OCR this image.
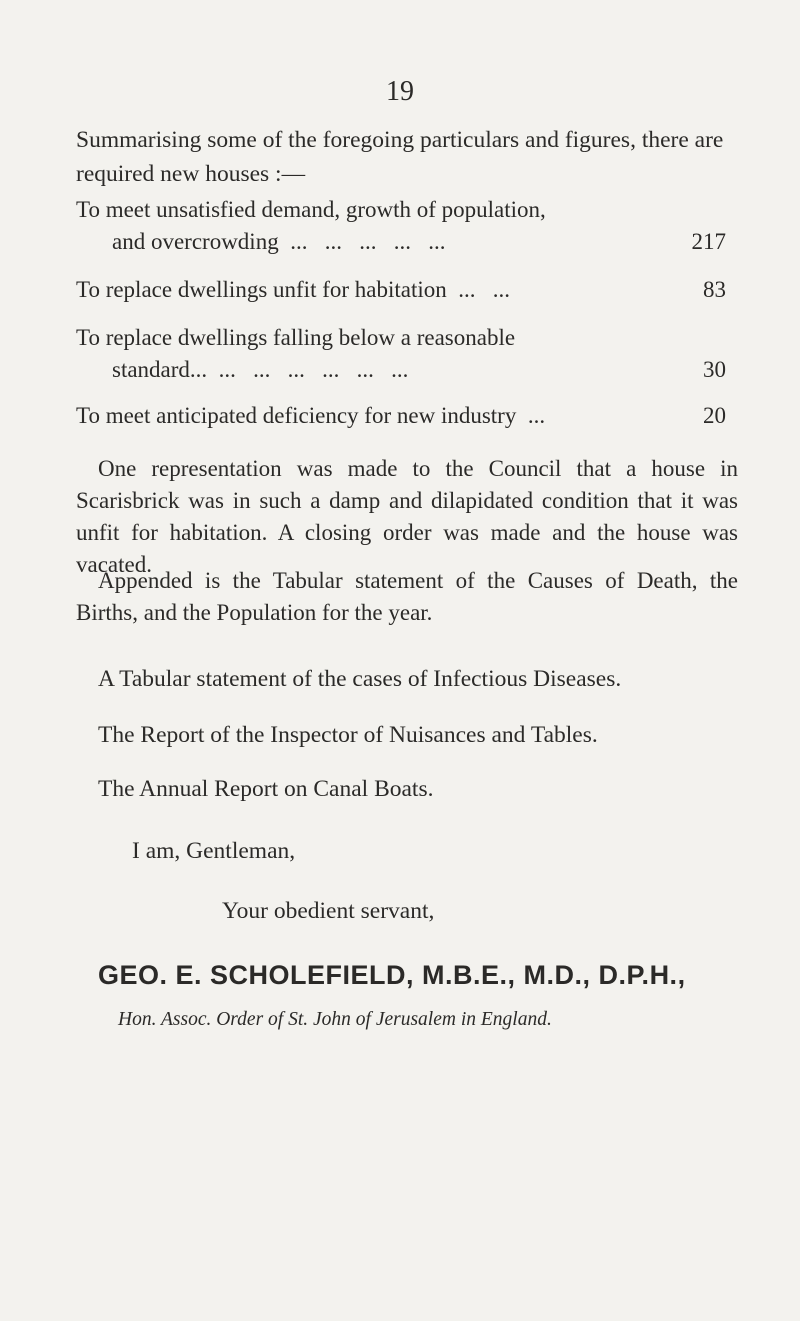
19
Summarising some of the foregoing particulars and figures, there are required new houses :—
To meet unsatisfied demand, growth of population,
and overcrowding  ...   ...   ...   ...   ...	217
To replace dwellings unfit for habitation  ...   ...	83
To replace dwellings falling below a reasonable
standard...  ...   ...   ...   ...   ...   ...	30
To meet anticipated deficiency for new industry  ...	20
One representation was made to the Council that a house in Scarisbrick was in such a damp and dilapidated condition that it was unfit for habitation. A closing order was made and the house was vacated.
Appended is the Tabular statement of the Causes of Death, the Births, and the Population for the year.
A Tabular statement of the cases of Infectious Diseases.
The Report of the Inspector of Nuisances and Tables.
The Annual Report on Canal Boats.
I am, Gentleman,
Your obedient servant,
GEO. E. SCHOLEFIELD, M.B.E., M.D., D.P.H.,
Hon. Assoc. Order of St. John of Jerusalem in England.
